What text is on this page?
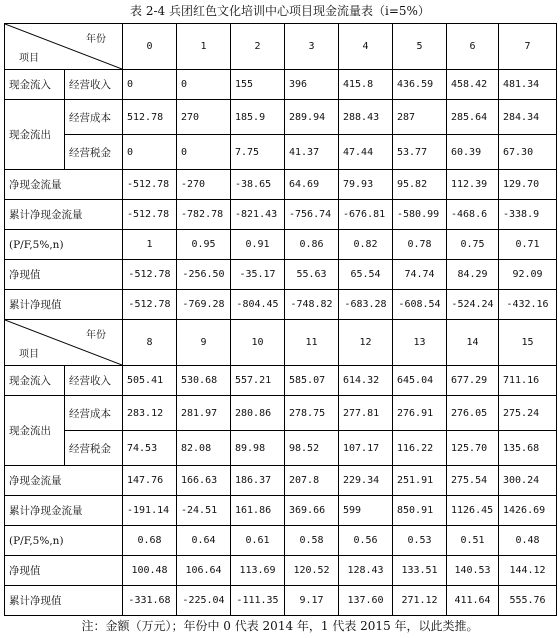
表 2-4 兵团红色文化培训中心项目现金流量表（i=5%）
年份
项目		0	1	2	3	4	5	6	7
现金流入	经营收入	0	0	155	396	415.8	436.59	458.42	481.34
现金流出	经营成本	512.78	270	185.9	289.94	288.43	287	285.64	284.34
	经营税金	0	0	7.75	41.37	47.44	53.77	60.39	67.30
净现金流量		-512.78	-270	-38.65	64.69	79.93	95.82	112.39	129.70
累计净现金流量		-512.78	-782.78	-821.43	-756.74	-676.81	-580.99	-468.6	-338.9
(P/F,5%,n)		1	0.95	0.91	0.86	0.82	0.78	0.75	0.71
净现值		-512.78	-256.50	-35.17	55.63	65.54	74.74	84.29	92.09
累计净现值		-512.78	-769.28	-804.45	-748.82	-683.28	-608.54	-524.24	-432.16

年份
项目		8	9	10	11	12	13	14	15
现金流入	经营收入	505.41	530.68	557.21	585.07	614.32	645.04	677.29	711.16
现金流出	经营成本	283.12	281.97	280.86	278.75	277.81	276.91	276.05	275.24
	经营税金	74.53	82.08	89.98	98.52	107.17	116.22	125.70	135.68
净现金流量		147.76	166.63	186.37	207.8	229.34	251.91	275.54	300.24
累计净现金流量		-191.14	-24.51	161.86	369.66	599	850.91	1126.45	1426.69
(P/F,5%,n)		0.68	0.64	0.61	0.58	0.56	0.53	0.51	0.48
净现值		100.48	106.64	113.69	120.52	128.43	133.51	140.53	144.12
累计净现值		-331.68	-225.04	-111.35	9.17	137.60	271.12	411.64	555.76
注：金额（万元）；年份中 0 代表 2014 年，1 代表 2015 年，以此类推。
